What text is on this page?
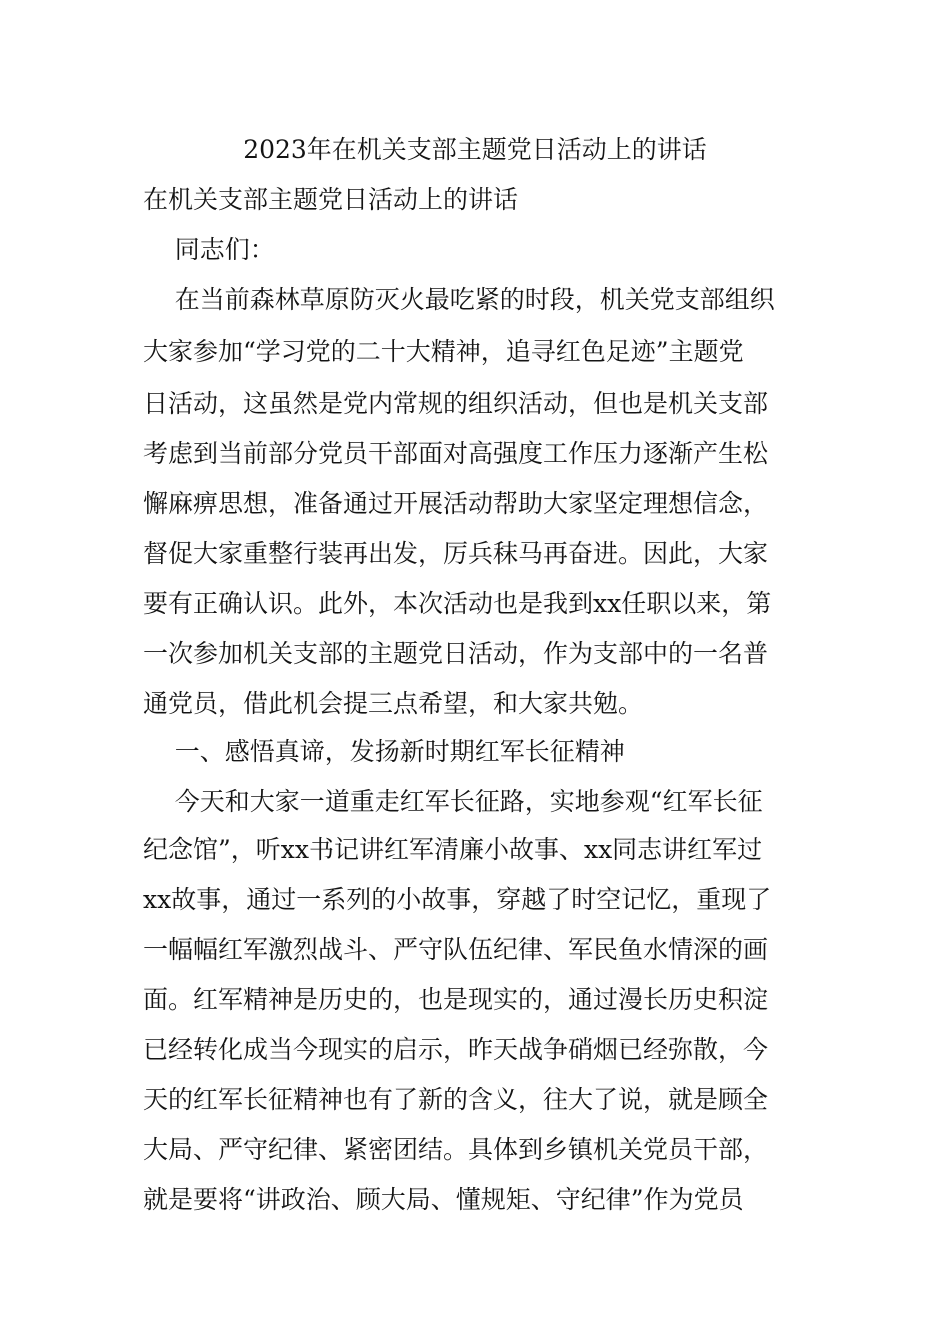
2023年在机关支部主题党日活动上的讲话
在机关支部主题党日活动上的讲话
同志们：
在当前森林草原防灭火最吃紧的时段，机关党支部组织
大家参加“学习党的二十大精神，追寻红色足迹”主题党
日活动，这虽然是党内常规的组织活动，但也是机关支部
考虑到当前部分党员干部面对高强度工作压力逐渐产生松
懈麻痹思想，准备通过开展活动帮助大家坚定理想信念，
督促大家重整行装再出发，厉兵秣马再奋进。因此，大家
要有正确认识。此外，本次活动也是我到xx任职以来，第
一次参加机关支部的主题党日活动，作为支部中的一名普
通党员，借此机会提三点希望，和大家共勉。
一、感悟真谛，发扬新时期红军长征精神
今天和大家一道重走红军长征路，实地参观“红军长征
纪念馆”，听xx书记讲红军清廉小故事、xx同志讲红军过
xx故事，通过一系列的小故事，穿越了时空记忆，重现了
一幅幅红军激烈战斗、严守队伍纪律、军民鱼水情深的画
面。红军精神是历史的，也是现实的，通过漫长历史积淀
已经转化成当今现实的启示，昨天战争硝烟已经弥散，今
天的红军长征精神也有了新的含义，往大了说，就是顾全
大局、严守纪律、紧密团结。具体到乡镇机关党员干部，
就是要将“讲政治、顾大局、懂规矩、守纪律”作为党员
